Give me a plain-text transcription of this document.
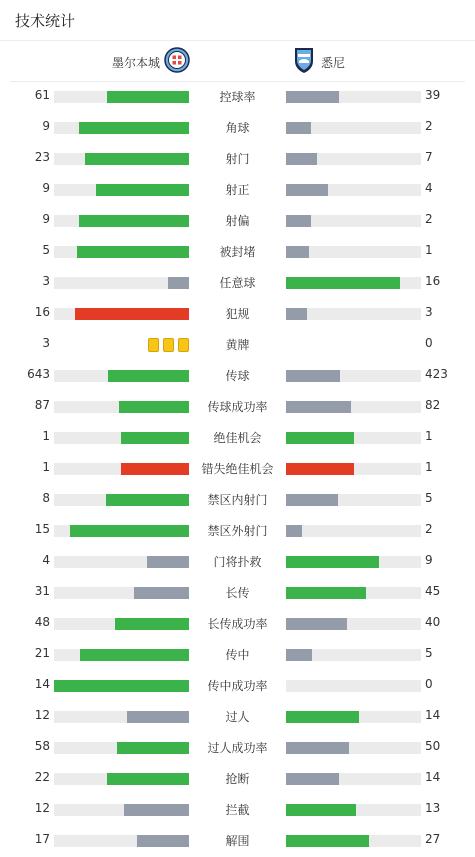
技术统计
墨尔本城	悉尼
61	控球率	39
9	角球	2
23	射门	7
9	射正	4
9	射偏	2
5	被封堵	1
3	任意球	16
16	犯规	3
3	黄牌	0
643	传球	423
87	传球成功率	82
1	绝佳机会	1
1	错失绝佳机会	1
8	禁区内射门	5
15	禁区外射门	2
4	门将扑救	9
31	长传	45
48	长传成功率	40
21	传中	5
14	传中成功率	0
12	过人	14
58	过人成功率	50
22	抢断	14
12	拦截	13
17	解围	27
